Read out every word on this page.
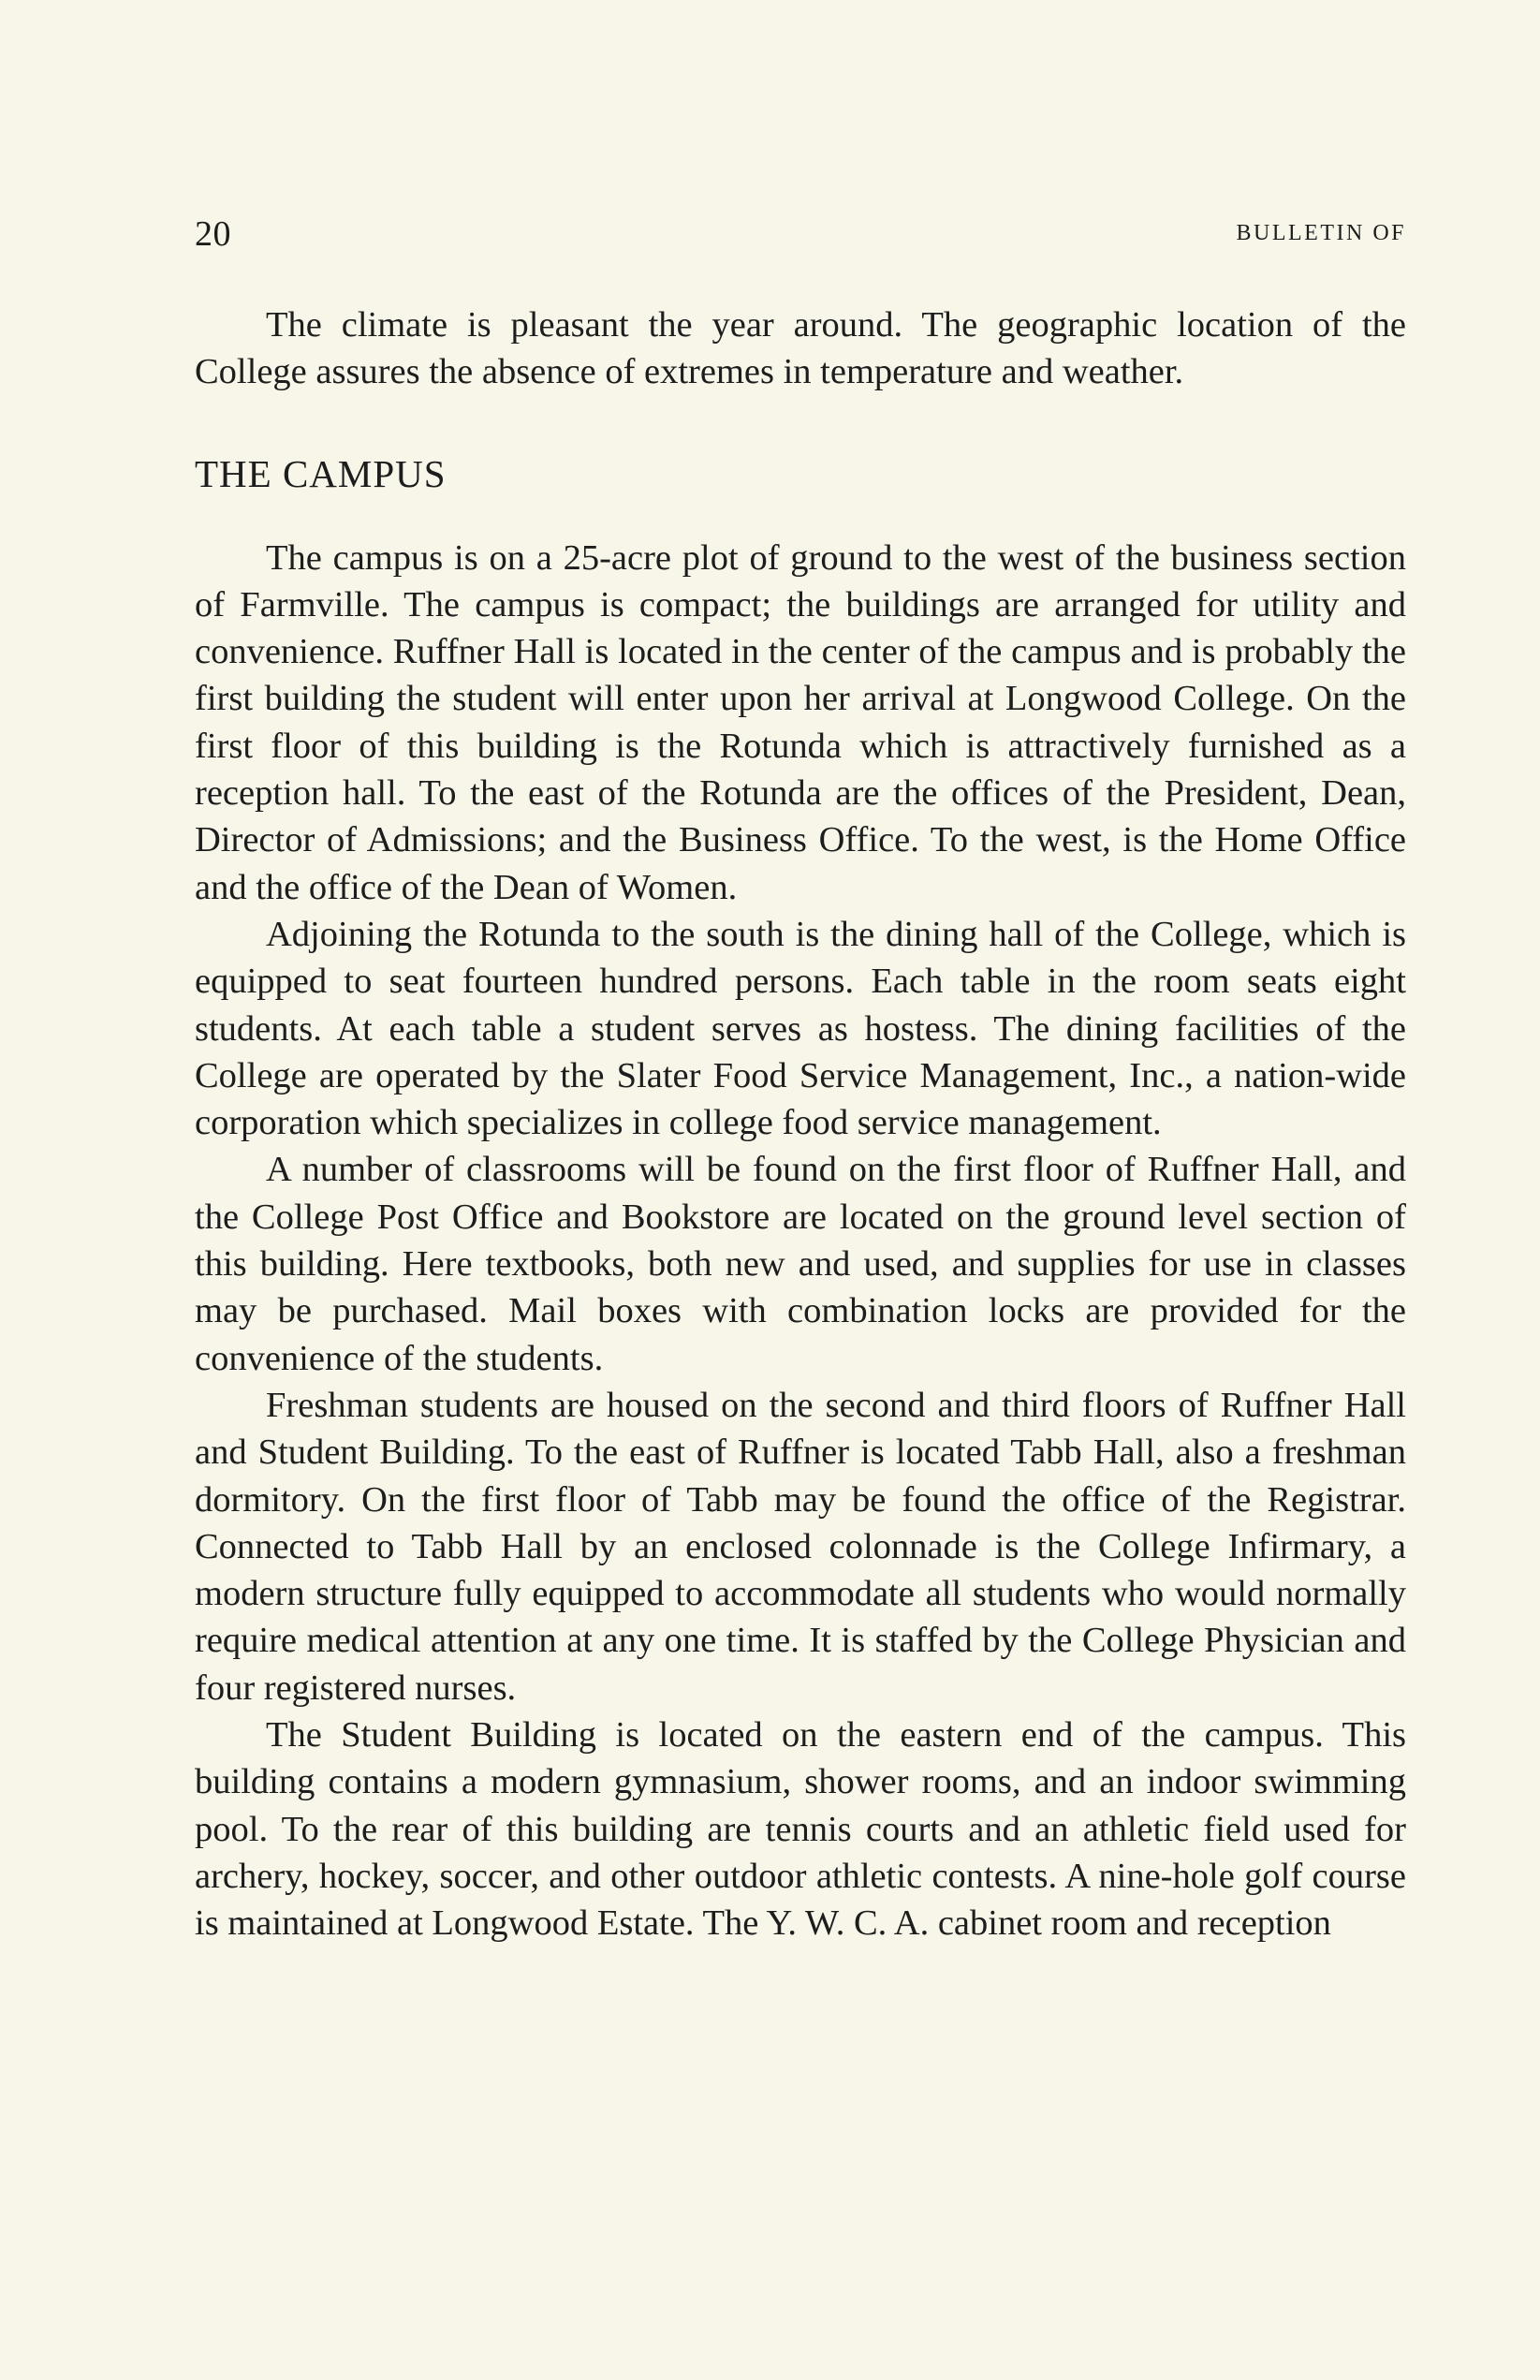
20	BULLETIN OF

The climate is pleasant the year around. The geographic location of the College assures the absence of extremes in temperature and weather.

THE CAMPUS

The campus is on a 25-acre plot of ground to the west of the business section of Farmville. The campus is compact; the buildings are arranged for utility and convenience. Ruffner Hall is located in the center of the campus and is probably the first building the student will enter upon her arrival at Longwood College. On the first floor of this building is the Rotunda which is attractively furnished as a reception hall. To the east of the Rotunda are the offices of the President, Dean, Director of Admissions; and the Business Office. To the west, is the Home Office and the office of the Dean of Women.

Adjoining the Rotunda to the south is the dining hall of the College, which is equipped to seat fourteen hundred persons. Each table in the room seats eight students. At each table a student serves as hostess. The dining facilities of the College are operated by the Slater Food Service Management, Inc., a nation-wide corporation which specializes in college food service management.

A number of classrooms will be found on the first floor of Ruffner Hall, and the College Post Office and Bookstore are located on the ground level section of this building. Here textbooks, both new and used, and supplies for use in classes may be purchased. Mail boxes with combination locks are provided for the convenience of the students.

Freshman students are housed on the second and third floors of Ruffner Hall and Student Building. To the east of Ruffner is located Tabb Hall, also a freshman dormitory. On the first floor of Tabb may be found the office of the Registrar. Connected to Tabb Hall by an enclosed colonnade is the College Infirmary, a modern structure fully equipped to accommodate all students who would normally require medical attention at any one time. It is staffed by the College Physician and four registered nurses.

The Student Building is located on the eastern end of the campus. This building contains a modern gymnasium, shower rooms, and an indoor swimming pool. To the rear of this building are tennis courts and an athletic field used for archery, hockey, soccer, and other outdoor athletic contests. A nine-hole golf course is maintained at Longwood Estate. The Y. W. C. A. cabinet room and reception
